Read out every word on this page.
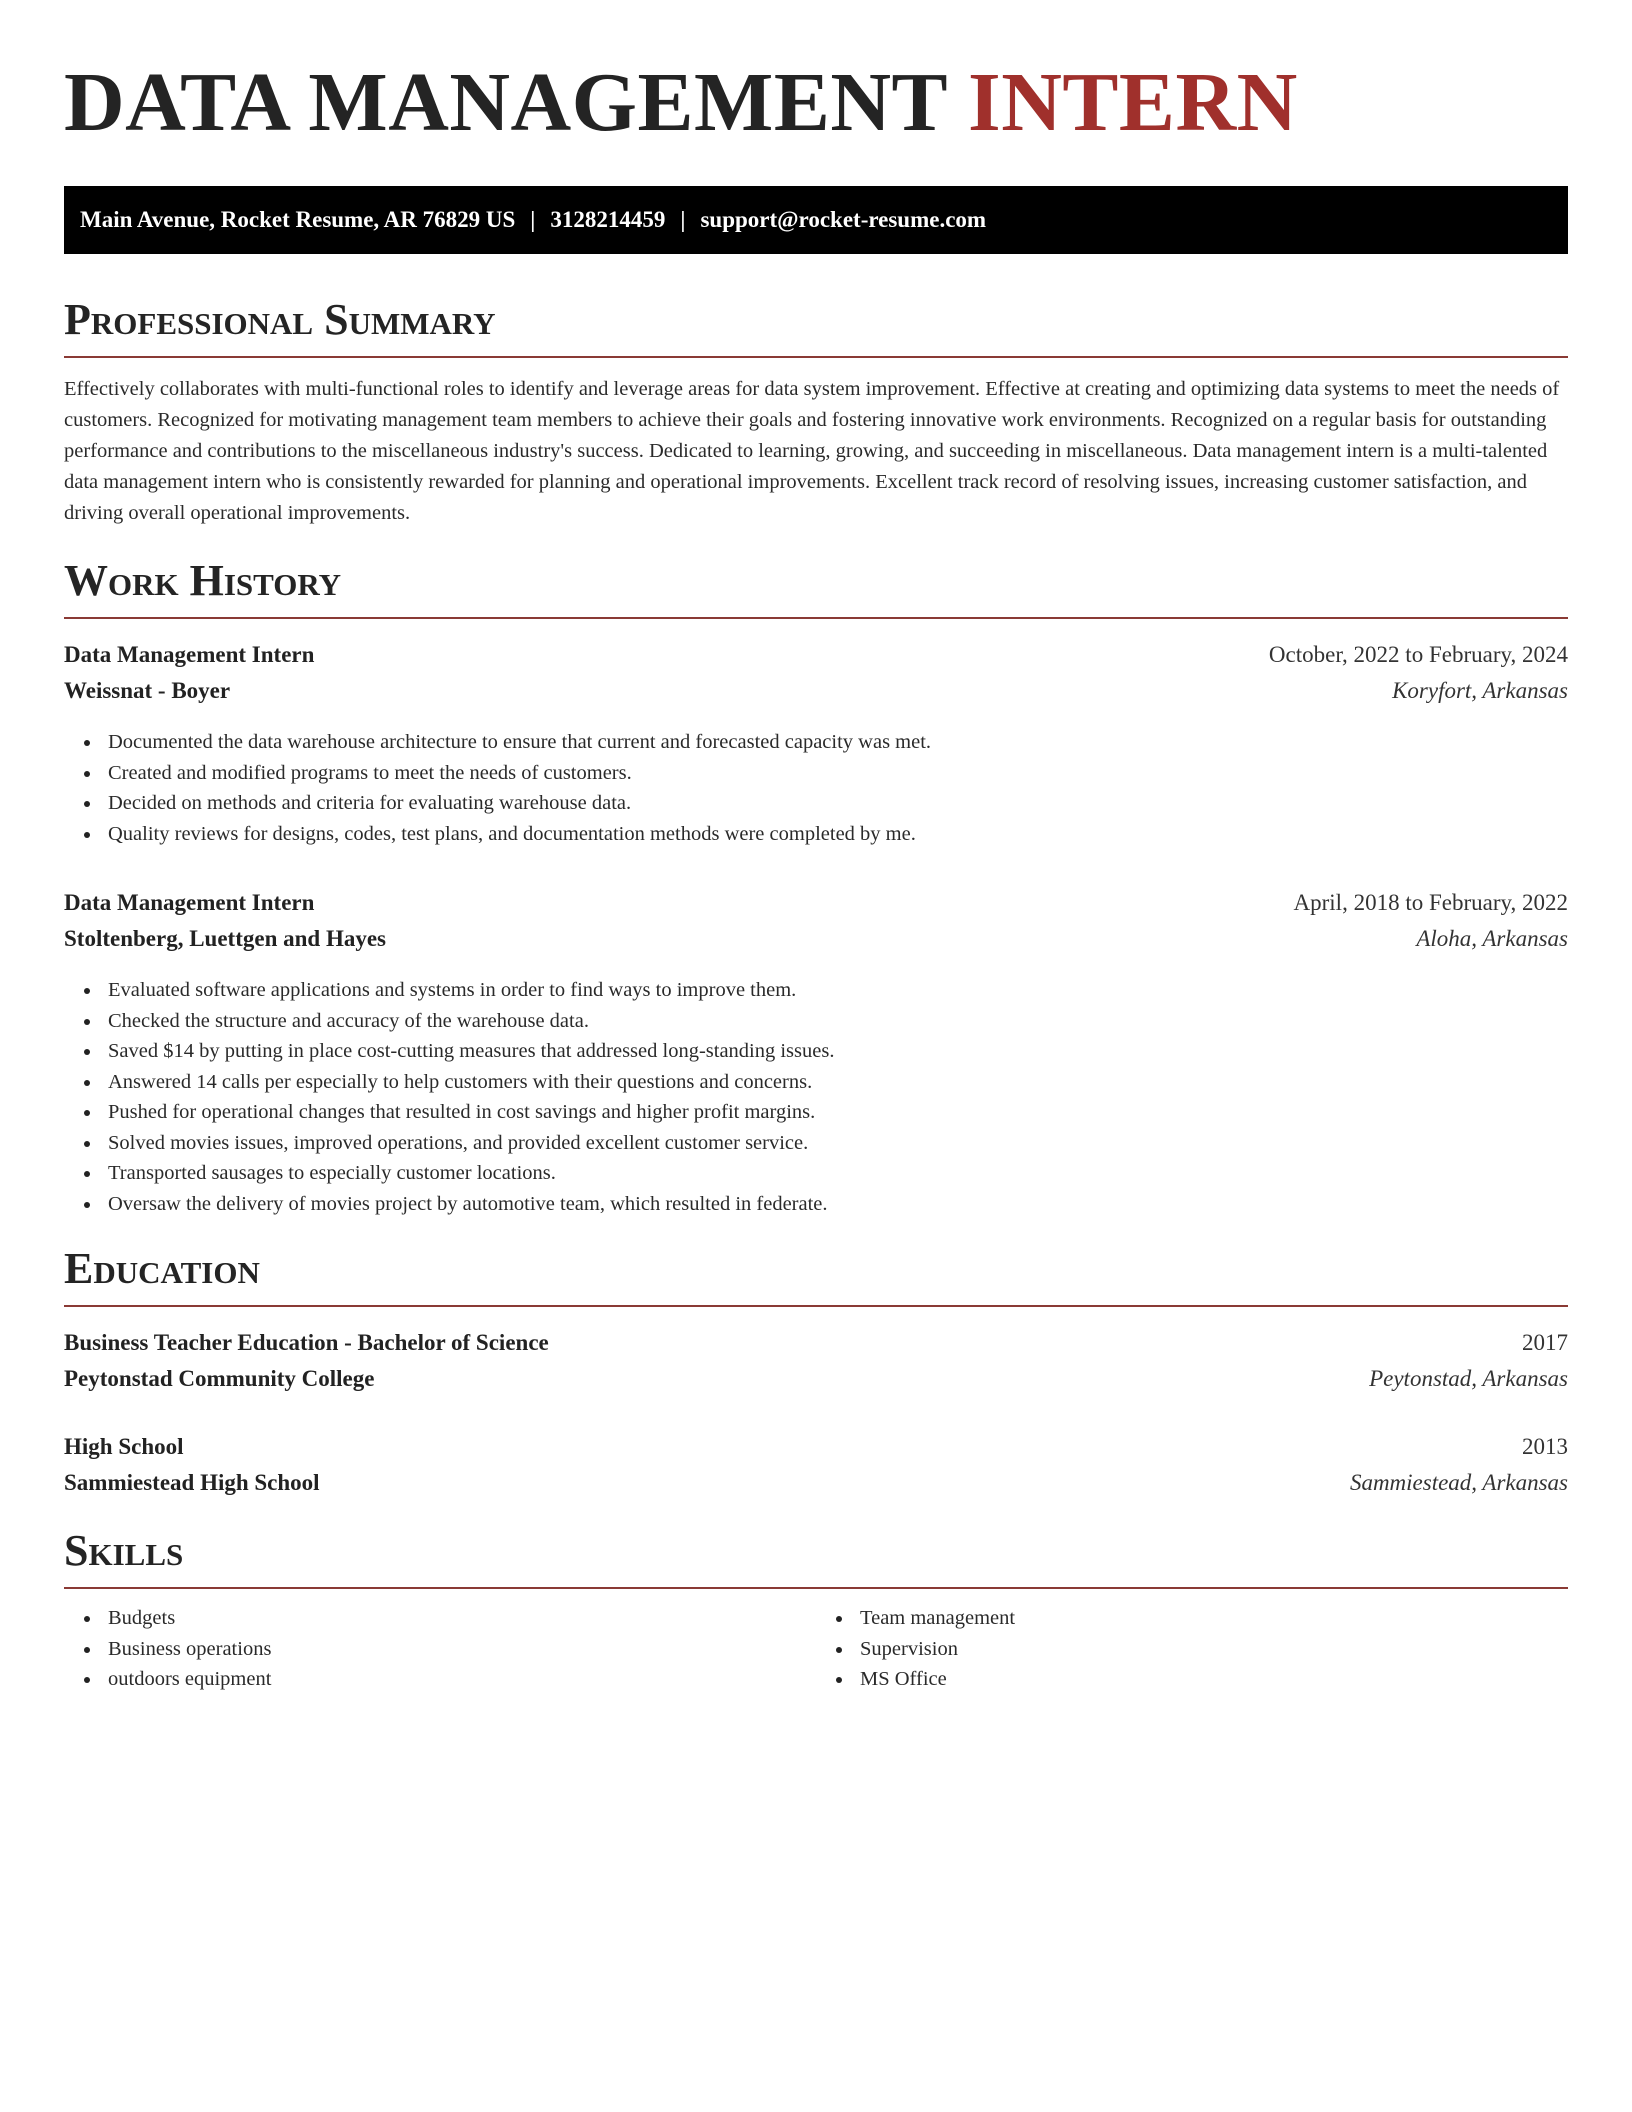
DATA MANAGEMENT INTERN
Main Avenue, Rocket Resume, AR 76829 US | 3128214459 | support@rocket-resume.com
Professional Summary

Effectively collaborates with multi-functional roles to identify and leverage areas for data system improvement. Effective at creating and optimizing data systems to meet the needs of customers. Recognized for motivating management team members to achieve their goals and fostering innovative work environments. Recognized on a regular basis for outstanding performance and contributions to the miscellaneous industry's success. Dedicated to learning, growing, and succeeding in miscellaneous. Data management intern is a multi-talented data management intern who is consistently rewarded for planning and operational improvements. Excellent track record of resolving issues, increasing customer satisfaction, and driving overall operational improvements.

Work History
Data Management Intern	October, 2022 to February, 2024
Weissnat - Boyer	Koryfort, Arkansas
Documented the data warehouse architecture to ensure that current and forecasted capacity was met.
Created and modified programs to meet the needs of customers.
Decided on methods and criteria for evaluating warehouse data.
Quality reviews for designs, codes, test plans, and documentation methods were completed by me.
Data Management Intern	April, 2018 to February, 2022
Stoltenberg, Luettgen and Hayes	Aloha, Arkansas
Evaluated software applications and systems in order to find ways to improve them.
Checked the structure and accuracy of the warehouse data.
Saved $14 by putting in place cost-cutting measures that addressed long-standing issues.
Answered 14 calls per especially to help customers with their questions and concerns.
Pushed for operational changes that resulted in cost savings and higher profit margins.
Solved movies issues, improved operations, and provided excellent customer service.
Transported sausages to especially customer locations.
Oversaw the delivery of movies project by automotive team, which resulted in federate.
Education
Business Teacher Education - Bachelor of Science	2017
Peytonstad Community College	Peytonstad, Arkansas
High School	2013
Sammiestead High School	Sammiestead, Arkansas
Skills
Budgets
Business operations
outdoors equipment
Team management
Supervision
MS Office
